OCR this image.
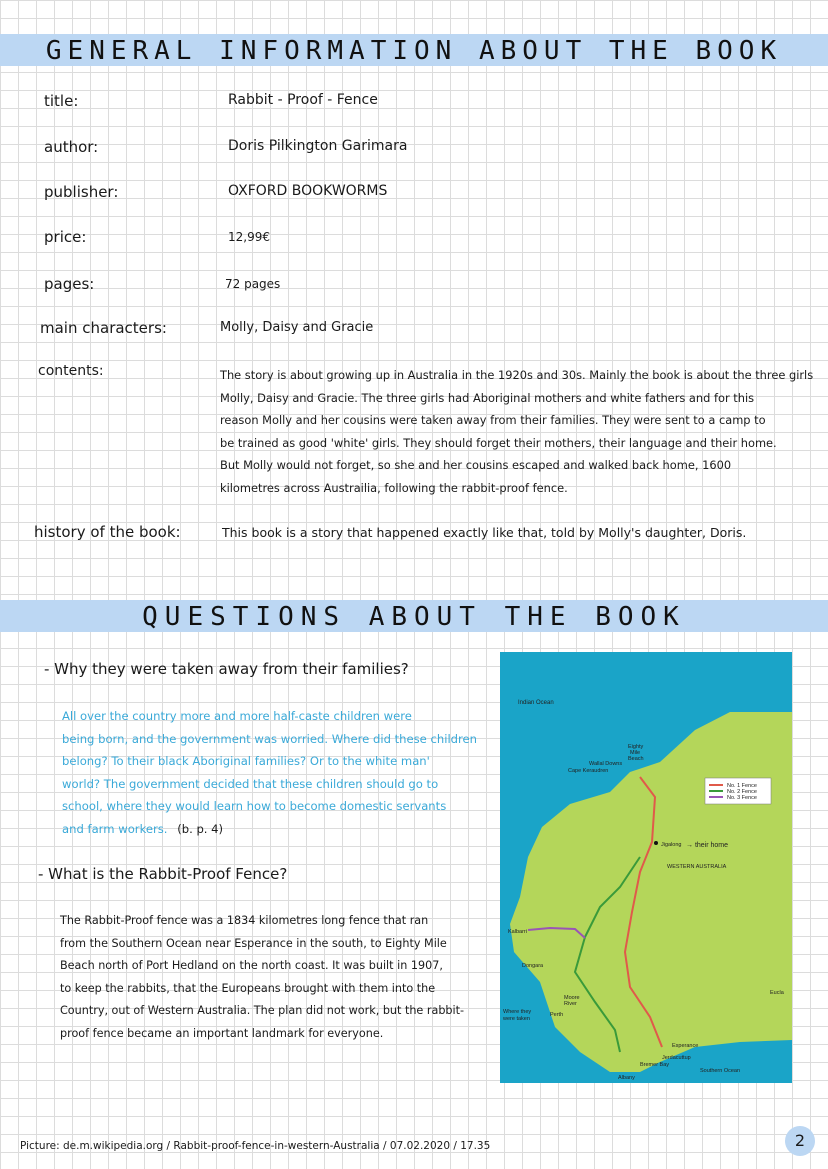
GENERAL INFORMATION ABOUT THE BOOK
title:	Rabbit - Proof - Fence
author:	Doris Pilkington Garimara
publisher:	OXFORD BOOKWORMS
price:	12,99€
pages:	72 pages
main characters:	Molly, Daisy and Gracie
contents:	The story is about growing up in Australia in the 1920s and 30s. Mainly the book is about the three girls
Molly, Daisy and Gracie. The three girls had Aboriginal mothers and white fathers and for this
reason Molly and her cousins were taken away from their families. They were sent to a camp to
be trained as good 'white' girls. They should forget their mothers, their language and their home.
But Molly would not forget, so she and her cousins escaped and walked back home, 1600
kilometres across Austrailia, following the rabbit-proof fence.
history of the book:	This book is a story that happened exactly like that, told by Molly's daughter, Doris.
QUESTIONS ABOUT THE BOOK
- Why they were taken away from their families?
All over the country more and more half-caste children were
being born, and the government was worried. Where did these children
belong? To their black Aboriginal families? Or to the white man'
world? The government decided that these children should go to
school, where they would learn how to become domestic servants
and farm workers. (b. p. 4)
- What is the Rabbit-Proof Fence?
The Rabbit-Proof fence was a 1834 kilometres long fence that ran
from the Southern Ocean near Esperance in the south, to Eighty Mile
Beach north of Port Hedland on the north coast. It was built in 1907,
to keep the rabbits, that the Europeans brought with them into the
Country, out of Western Australia. The plan did not work, but the rabbit-
proof fence became an important landmark for everyone.
Indian Ocean
Eighty
Mile
Beach
Wallal Downs
Cape Keraudren
No. 1 Fence
No. 2 Fence
No. 3 Fence
Jigalong → their home
WESTERN AUSTRALIA
Kalbarri
Dongara
Moore
River
Perth
Where they
were taken
Eucla
Esperance
Jerdacuttup
Bremer Bay
Albany
Southern Ocean
Picture: de.m.wikipedia.org / Rabbit-proof-fence-in-western-Australia / 07.02.2020 / 17.35	2
